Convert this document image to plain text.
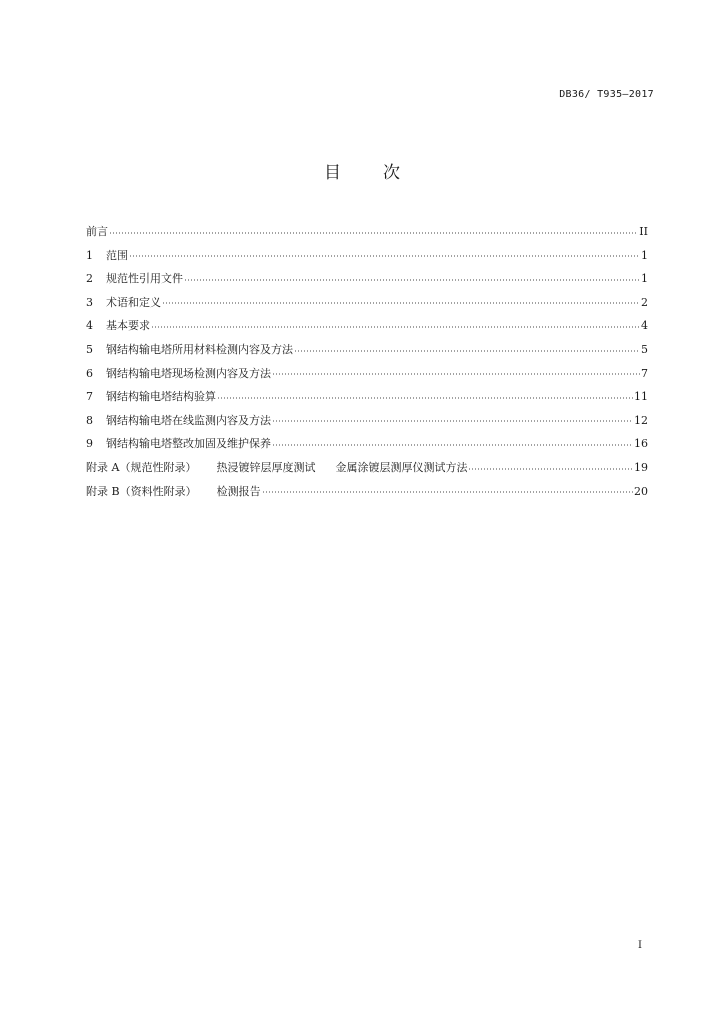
DB36/ T935—2017
目 次
前言	II
1	范围	1
2	规范性引用文件	1
3	术语和定义	2
4	基本要求	4
5	钢结构输电塔所用材料检测内容及方法	5
6	钢结构输电塔现场检测内容及方法	7
7	钢结构输电塔结构验算	11
8	钢结构输电塔在线监测内容及方法	12
9	钢结构输电塔整改加固及维护保养	16
附录 A（规范性附录） 热浸镀锌层厚度测试 金属涂镀层测厚仪测试方法	19
附录 B（资料性附录） 检测报告	20
I
